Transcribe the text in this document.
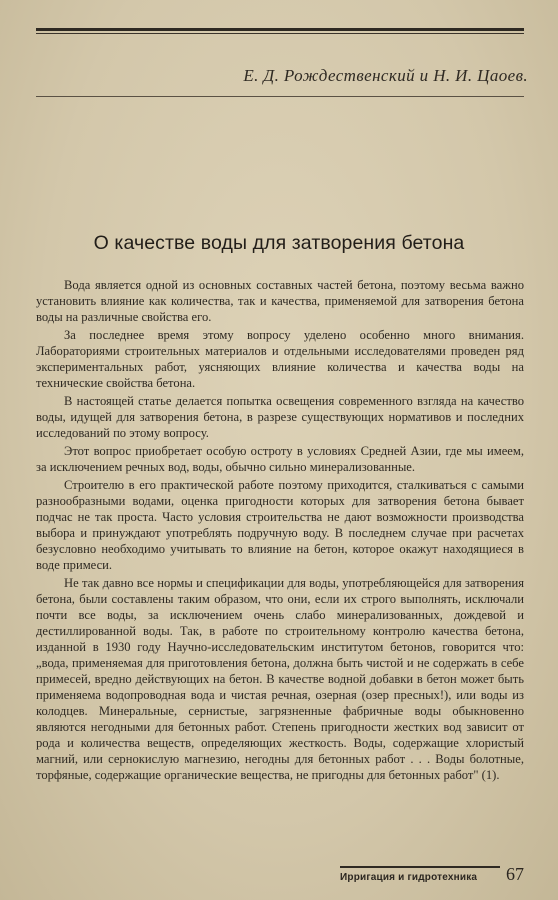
Е. Д. Рождественский и Н. И. Цаоев.
О качестве воды для затворения бетона

Вода является одной из основных составных частей бетона, поэтому весьма важно установить влияние как количества, так и качества, применяемой для затворения бетона воды на различные свойства его.

За последнее время этому вопросу уделено особенно много внимания. Лабораториями строительных материалов и отдельными исследователями проведен ряд экспериментальных работ, уясняющих влияние количества и качества воды на технические свойства бетона.

В настоящей статье делается попытка освещения современного взгляда на качество воды, идущей для затворения бетона, в разрезе существующих нормативов и последних исследований по этому вопросу.

Этот вопрос приобретает особую остроту в условиях Средней Азии, где мы имеем, за исключением речных вод, воды, обычно сильно минерализованные.

Строителю в его практической работе поэтому приходится, сталкиваться с самыми разнообразными водами, оценка пригодности которых для затворения бетона бывает подчас не так проста. Часто условия строительства не дают возможности производства выбора и принуждают употреблять подручную воду. В последнем случае при расчетах безусловно необходимо учитывать то влияние на бетон, которое окажут находящиеся в воде примеси.

Не так давно все нормы и спецификации для воды, употребляющейся для затворения бетона, были составлены таким образом, что они, если их строго выполнять, исключали почти все воды, за исключением очень слабо минерализованных, дождевой и дестиллированной воды. Так, в работе по строительному контролю качества бетона, изданной в 1930 году Научно-исследовательским институтом бетонов, говорится что: „вода, применяемая для приготовления бетона, должна быть чистой и не содержать в себе примесей, вредно действующих на бетон. В качестве водной добавки в бетон может быть применяема водопроводная вода и чистая речная, озерная (озер пресных!), или воды из колодцев. Минеральные, сернистые, загрязненные фабричные воды обыкновенно являются негодными для бетонных работ. Степень пригодности жестких вод зависит от рода и количества веществ, определяющих жесткость. Воды, содержащие хлористый магний, или сернокислую магнезию, негодны для бетонных работ . . . Воды болотные, торфяные, содержащие органические вещества, не пригодны для бетонных работ" (1).

Ирригация и гидротехника 67
